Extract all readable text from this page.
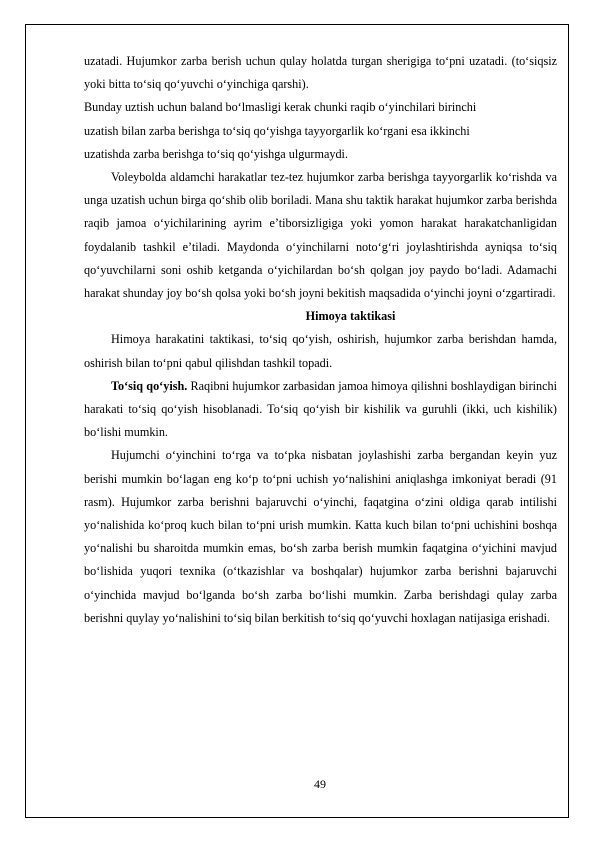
uzatadi. Hujumkor zarba berish uchun qulay holatda turgan sherigiga to‘pni uzatadi. (to‘siqsiz yoki bitta to‘siq qo‘yuvchi o‘yinchiga qarshi).

Bunday uztish uchun baland bo‘lmasligi kerak chunki raqib o‘yinchilari birinchi
uzatish bilan zarba berishga to‘siq qo‘yishga tayyorgarlik ko‘rgani esa ikkinchi
uzatishda zarba berishga to‘siq qo‘yishga ulgurmaydi.

Voleybolda aldamchi harakatlar tez-tez hujumkor zarba berishga tayyorgarlik ko‘rishda va unga uzatish uchun birga qo‘shib olib boriladi. Mana shu taktik harakat hujumkor zarba berishda raqib jamoa o‘yichilarining ayrim e’tiborsizligiga yoki yomon harakat harakatchanligidan foydalanib tashkil e’tiladi. Maydonda o‘yinchilarni noto‘g‘ri joylashtirishda ayniqsa to‘siq qo‘yuvchilarni soni oshib ketganda o‘yichilardan bo‘sh qolgan joy paydo bo‘ladi. Adamachi harakat shunday joy bo‘sh qolsa yoki bo‘sh joyni bekitish maqsadida o‘yinchi joyni o‘zgartiradi.

Himoya taktikasi

Himoya harakatini taktikasi, to‘siq qo‘yish, oshirish, hujumkor zarba berishdan hamda, oshirish bilan to‘pni qabul qilishdan tashkil topadi.

To‘siq qo‘yish. Raqibni hujumkor zarbasidan jamoa himoya qilishni boshlaydigan birinchi harakati to‘siq qo‘yish hisoblanadi. To‘siq qo‘yish bir kishilik va guruhli (ikki, uch kishilik) bo‘lishi mumkin.

Hujumchi o‘yinchini to‘rga va to‘pka nisbatan joylashishi zarba bergandan keyin yuz berishi mumkin bo‘lagan eng ko‘p to‘pni uchish yo‘nalishini aniqlashga imkoniyat beradi (91 rasm). Hujumkor zarba berishni bajaruvchi o‘yinchi, faqatgina o‘zini oldiga qarab intilishi yo‘nalishida ko‘proq kuch bilan to‘pni urish mumkin. Katta kuch bilan to‘pni uchishini boshqa yo‘nalishi bu sharoitda mumkin emas, bo‘sh zarba berish mumkin faqatgina o‘yichini mavjud bo‘lishida yuqori texnika (o‘tkazishlar va boshqalar) hujumkor zarba berishni bajaruvchi o‘yinchida mavjud bo‘lganda bo‘sh zarba bo‘lishi mumkin. Zarba berishdagi qulay zarba berishni quylay yo‘nalishini to‘siq bilan berkitish to‘siq qo‘yuvchi hoxlagan natijasiga erishadi.

49
